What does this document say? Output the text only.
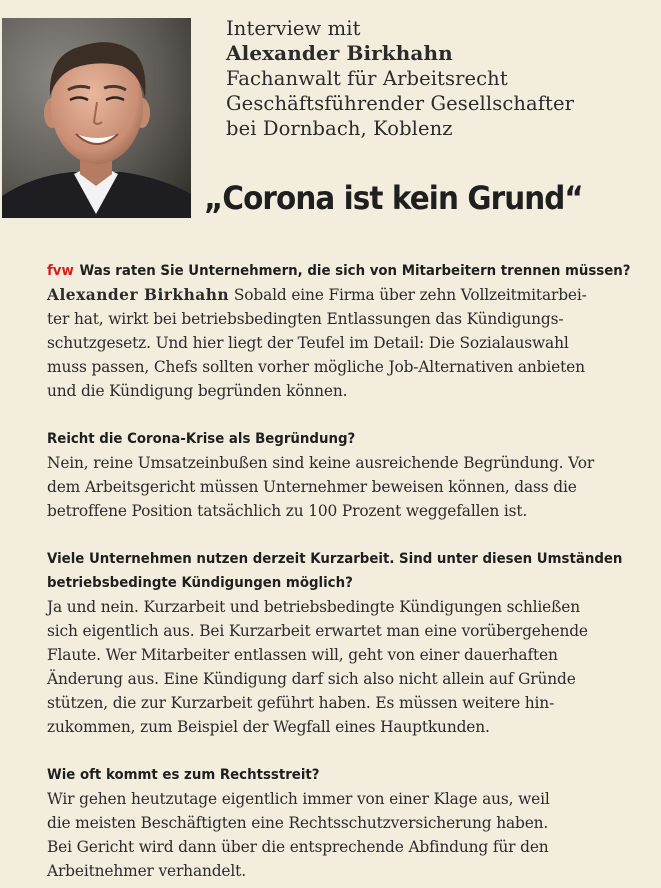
Interview mit
Alexander Birkhahn
Fachanwalt für Arbeitsrecht
Geschäftsführender Gesellschafter
bei Dornbach, Koblenz
„Corona ist kein Grund“
fvw Was raten Sie Unternehmern, die sich von Mitarbeitern trennen müssen?
Alexander Birkhahn Sobald eine Firma über zehn Vollzeitmitarbei-
ter hat, wirkt bei betriebsbedingten Entlassungen das Kündigungs-
schutzgesetz. Und hier liegt der Teufel im Detail: Die Sozialauswahl
muss passen, Chefs sollten vorher mögliche Job-Alternativen anbieten
und die Kündigung begründen können.
Reicht die Corona-Krise als Begründung?
Nein, reine Umsatzeinbußen sind keine ausreichende Begründung. Vor
dem Arbeitsgericht müssen Unternehmer beweisen können, dass die
betroffene Position tatsächlich zu 100 Prozent weggefallen ist.
Viele Unternehmen nutzen derzeit Kurzarbeit. Sind unter diesen Umständen
betriebsbedingte Kündigungen möglich?
Ja und nein. Kurzarbeit und betriebsbedingte Kündigungen schließen
sich eigentlich aus. Bei Kurzarbeit erwartet man eine vorübergehende
Flaute. Wer Mitarbeiter entlassen will, geht von einer dauerhaften
Änderung aus. Eine Kündigung darf sich also nicht allein auf Gründe
stützen, die zur Kurzarbeit geführt haben. Es müssen weitere hin-
zukommen, zum Beispiel der Wegfall eines Hauptkunden.
Wie oft kommt es zum Rechtsstreit?
Wir gehen heutzutage eigentlich immer von einer Klage aus, weil
die meisten Beschäftigten eine Rechtsschutzversicherung haben.
Bei Gericht wird dann über die entsprechende Abfindung für den
Arbeitnehmer verhandelt.
